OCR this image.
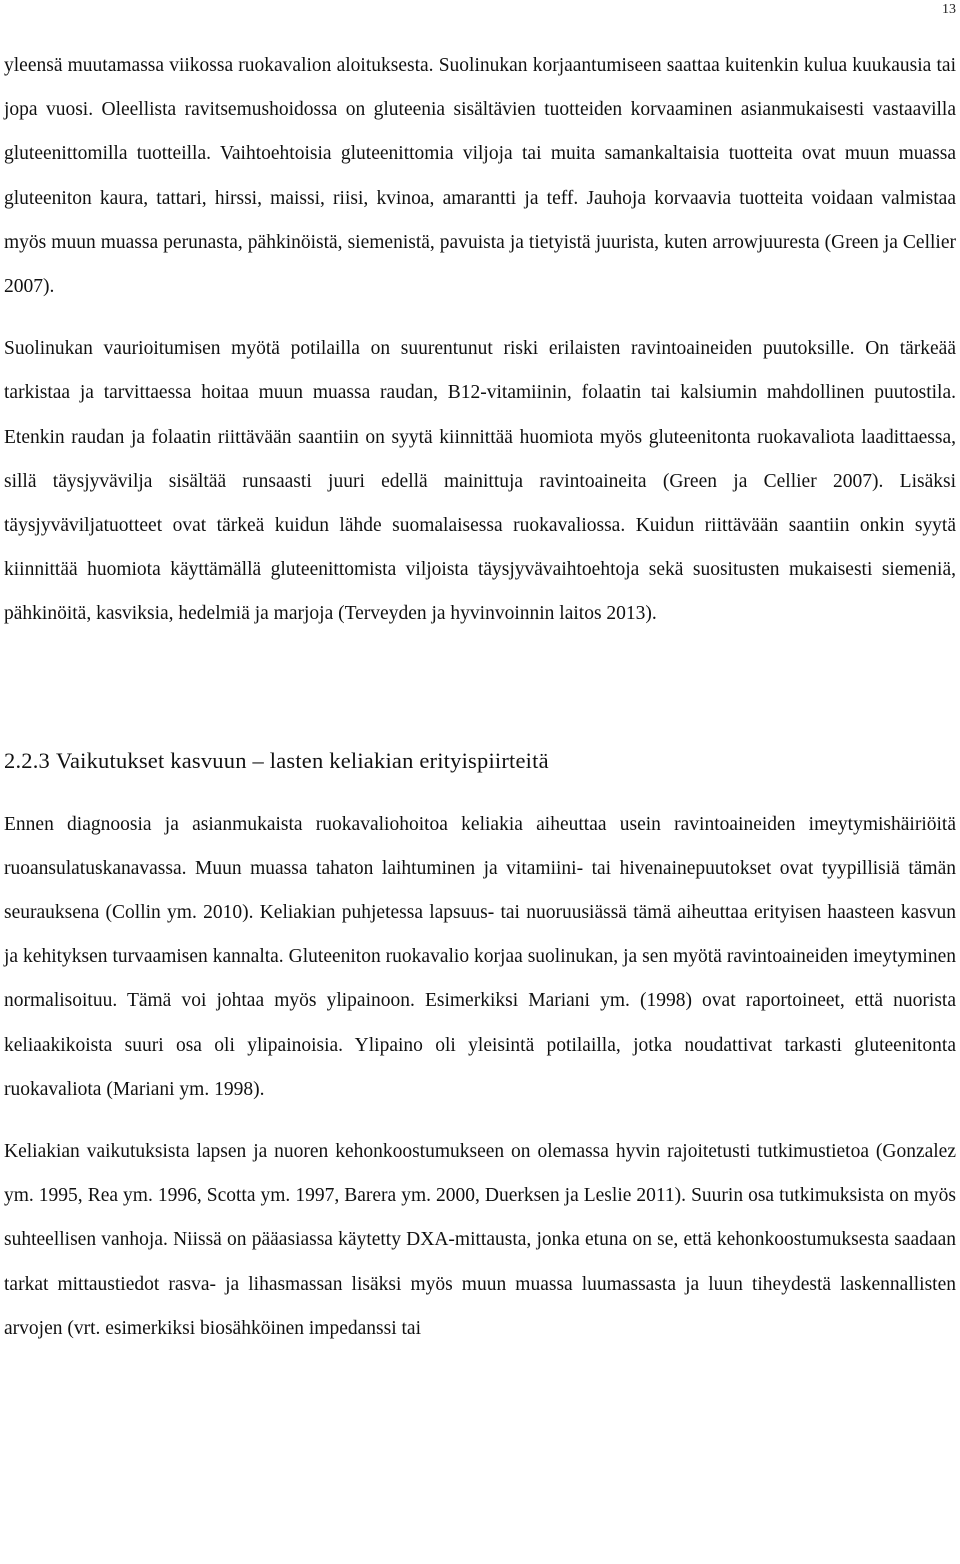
13

yleensä muutamassa viikossa ruokavalion aloituksesta. Suolinukan korjaantumiseen saattaa kuitenkin kulua kuukausia tai jopa vuosi. Oleellista ravitsemushoidossa on gluteenia sisältävien tuotteiden korvaaminen asianmukaisesti vastaavilla gluteenittomilla tuotteilla. Vaihtoehtoisia gluteenittomia viljoja tai muita samankaltaisia tuotteita ovat muun muassa gluteeniton kaura, tattari, hirssi, maissi, riisi, kvinoa, amarantti ja teff. Jauhoja korvaavia tuotteita voidaan valmistaa myös muun muassa perunasta, pähkinöistä, siemenistä, pavuista ja tietyistä juurista, kuten arrowjuuresta (Green ja Cellier 2007).

Suolinukan vaurioitumisen myötä potilailla on suurentunut riski erilaisten ravintoaineiden puutoksille. On tärkeää tarkistaa ja tarvittaessa hoitaa muun muassa raudan, B12-vitamiinin, folaatin tai kalsiumin mahdollinen puutostila. Etenkin raudan ja folaatin riittävään saantiin on syytä kiinnittää huomiota myös gluteenitonta ruokavaliota laadittaessa, sillä täysjyvävilja sisältää runsaasti juuri edellä mainittuja ravintoaineita (Green ja Cellier 2007). Lisäksi täysjyväviljatuotteet ovat tärkeä kuidun lähde suomalaisessa ruokavaliossa. Kuidun riittävään saantiin onkin syytä kiinnittää huomiota käyttämällä gluteenittomista viljoista täysjyvävaihtoehtoja sekä suositusten mukaisesti siemeniä, pähkinöitä, kasviksia, hedelmiä ja marjoja (Terveyden ja hyvinvoinnin laitos 2013).

2.2.3 Vaikutukset kasvuun – lasten keliakian erityispiirteitä

Ennen diagnoosia ja asianmukaista ruokavaliohoitoa keliakia aiheuttaa usein ravintoaineiden imeytymishäiriöitä ruoansulatuskanavassa. Muun muassa tahaton laihtuminen ja vitamiini- tai hivenainepuutokset ovat tyypillisiä tämän seurauksena (Collin ym. 2010). Keliakian puhjetessa lapsuus- tai nuoruusiässä tämä aiheuttaa erityisen haasteen kasvun ja kehityksen turvaamisen kannalta. Gluteeniton ruokavalio korjaa suolinukan, ja sen myötä ravintoaineiden imeytyminen normalisoituu. Tämä voi johtaa myös ylipainoon. Esimerkiksi Mariani ym. (1998) ovat raportoineet, että nuorista keliaakikoista suuri osa oli ylipainoisia. Ylipaino oli yleisintä potilailla, jotka noudattivat tarkasti gluteenitonta ruokavaliota (Mariani ym. 1998).

Keliakian vaikutuksista lapsen ja nuoren kehonkoostumukseen on olemassa hyvin rajoitetusti tutkimustietoa (Gonzalez ym. 1995, Rea ym. 1996, Scotta ym. 1997, Barera ym. 2000, Duerksen ja Leslie 2011). Suurin osa tutkimuksista on myös suhteellisen vanhoja. Niissä on pääasiassa käytetty DXA-mittausta, jonka etuna on se, että kehonkoostumuksesta saadaan tarkat mittaustiedot rasva- ja lihasmassan lisäksi myös muun muassa luumassasta ja luun tiheydestä laskennallisten arvojen (vrt. esimerkiksi biosähköinen impedanssi tai
